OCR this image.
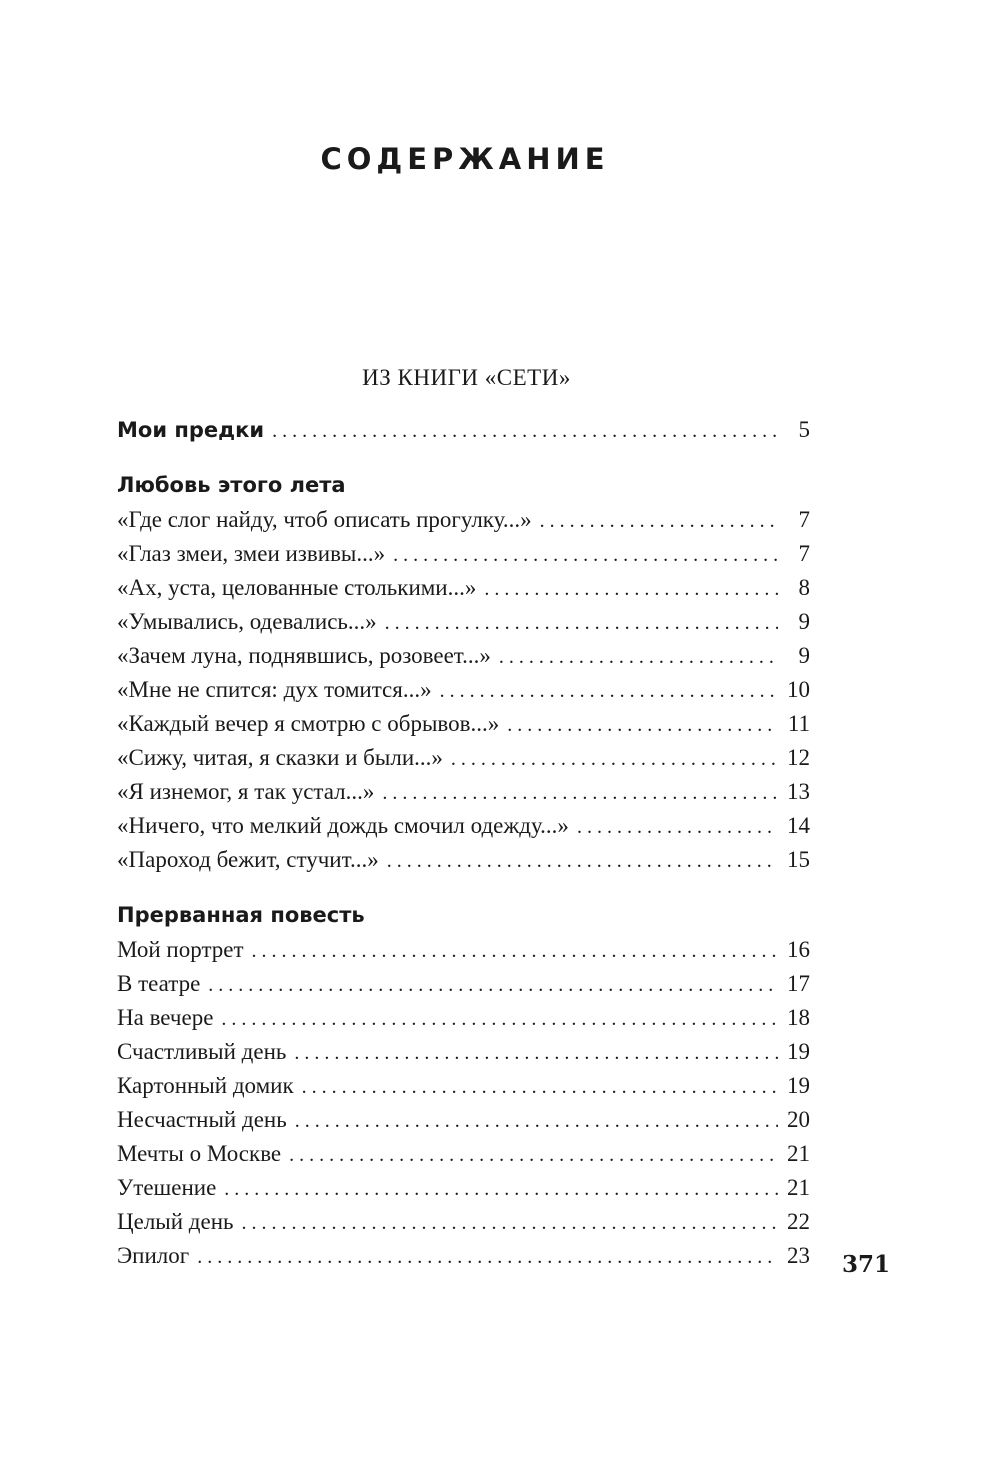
СОДЕРЖАНИЕ
ИЗ КНИГИ «СЕТИ»
Мои предки . . .	5
Любовь этого лета
«Где слог найду, чтоб описать прогулку...» . . .	7
«Глаз змеи, змеи извивы...» . . .	7
«Ах, уста, целованные столькими...» . . .	8
«Умывались, одевались...» . . .	9
«Зачем луна, поднявшись, розовеет...» . . .	9
«Мне не спится: дух томится...» . . .	10
«Каждый вечер я смотрю с обрывов...» . . .	11
«Сижу, читая, я сказки и были...» . . .	12
«Я изнемог, я так устал...» . . .	13
«Ничего, что мелкий дождь смочил одежду...» . . .	14
«Пароход бежит, стучит...» . . .	15
Прерванная повесть
Мой портрет . . .	16
В театре . . .	17
На вечере . . .	18
Счастливый день . . .	19
Картонный домик . . .	19
Несчастный день . . .	20
Мечты о Москве . . .	21
Утешение . . .	21
Целый день . . .	22
Эпилог . . .	23 371
